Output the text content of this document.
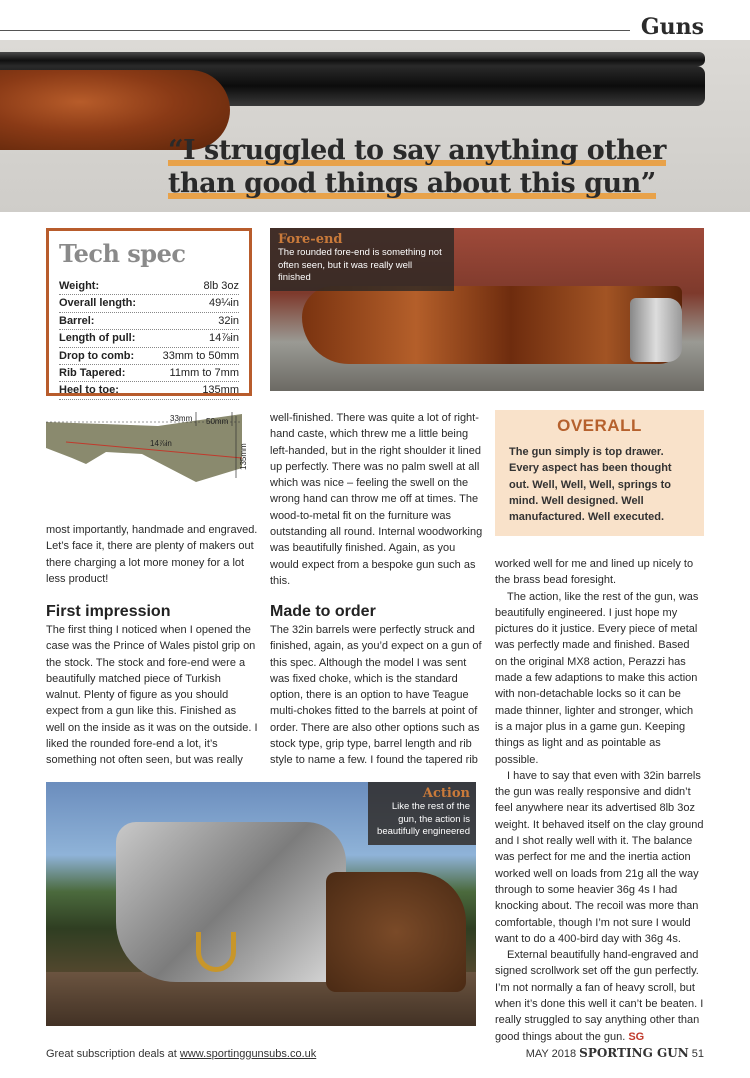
Guns
“I struggled to say anything other
than good things about this gun”
Tech spec
Weight:	8lb 3oz
Overall length:	49¼in
Barrel:	32in
Length of pull:	14⅞in
Drop to comb:	33mm to 50mm
Rib Tapered:	11mm to 7mm
Heel to toe:	135mm
33mm 50mm
14⅞in	135mm
Fore-end
The rounded fore-end is something not often seen, but it was really well finished
OVERALL

The gun simply is top drawer. Every aspect has been thought out. Well, Well, Well, springs to mind. Well designed. Well manufactured. Well executed.

most importantly, handmade and engraved. Let’s face it, there are plenty of makers out there charging a lot more money for a lot less product!

First impression

The first thing I noticed when I opened the case was the Prince of Wales pistol grip on the stock. The stock and fore-end were a beautifully matched piece of Turkish walnut. Plenty of figure as you should expect from a gun like this. Finished as well on the inside as it was on the outside. I liked the rounded fore-end a lot, it’s something not often seen, but was really

well-finished. There was quite a lot of right-hand caste, which threw me a little being left-handed, but in the right shoulder it lined up perfectly. There was no palm swell at all which was nice – feeling the swell on the wrong hand can throw me off at times. The wood-to-metal fit on the furniture was outstanding all round. Internal woodworking was beautifully finished. Again, as you would expect from a bespoke gun such as this.

Made to order

The 32in barrels were perfectly struck and finished, again, as you’d expect on a gun of this spec. Although the model I was sent was fixed choke, which is the standard option, there is an option to have Teague multi-chokes fitted to the barrels at point of order. There are also other options such as stock type, grip type, barrel length and rib style to name a few. I found the tapered rib

worked well for me and lined up nicely to the brass bead foresight.

The action, like the rest of the gun, was beautifully engineered. I just hope my pictures do it justice. Every piece of metal was perfectly made and finished. Based on the original MX8 action, Perazzi has made a few adaptions to make this action with non-detachable locks so it can be made thinner, lighter and stronger, which is a major plus in a game gun. Keeping things as light and as pointable as possible.

I have to say that even with 32in barrels the gun was really responsive and didn’t feel anywhere near its advertised 8lb 3oz weight. It behaved itself on the clay ground and I shot really well with it. The balance was perfect for me and the inertia action worked well on loads from 21g all the way through to some heavier 36g 4s I had knocking about. The recoil was more than comfortable, though I’m not sure I would want to do a 400-bird day with 36g 4s.

External beautifully hand-engraved and signed scrollwork set off the gun perfectly. I’m not normally a fan of heavy scroll, but when it’s done this well it can’t be beaten. I really struggled to say anything other than good things about the gun. SG

Action
Like the rest of the gun, the action is beautifully engineered
Great subscription deals at www.sportinggunsubs.co.uk	MAY 2018 SPORTING GUN 51
